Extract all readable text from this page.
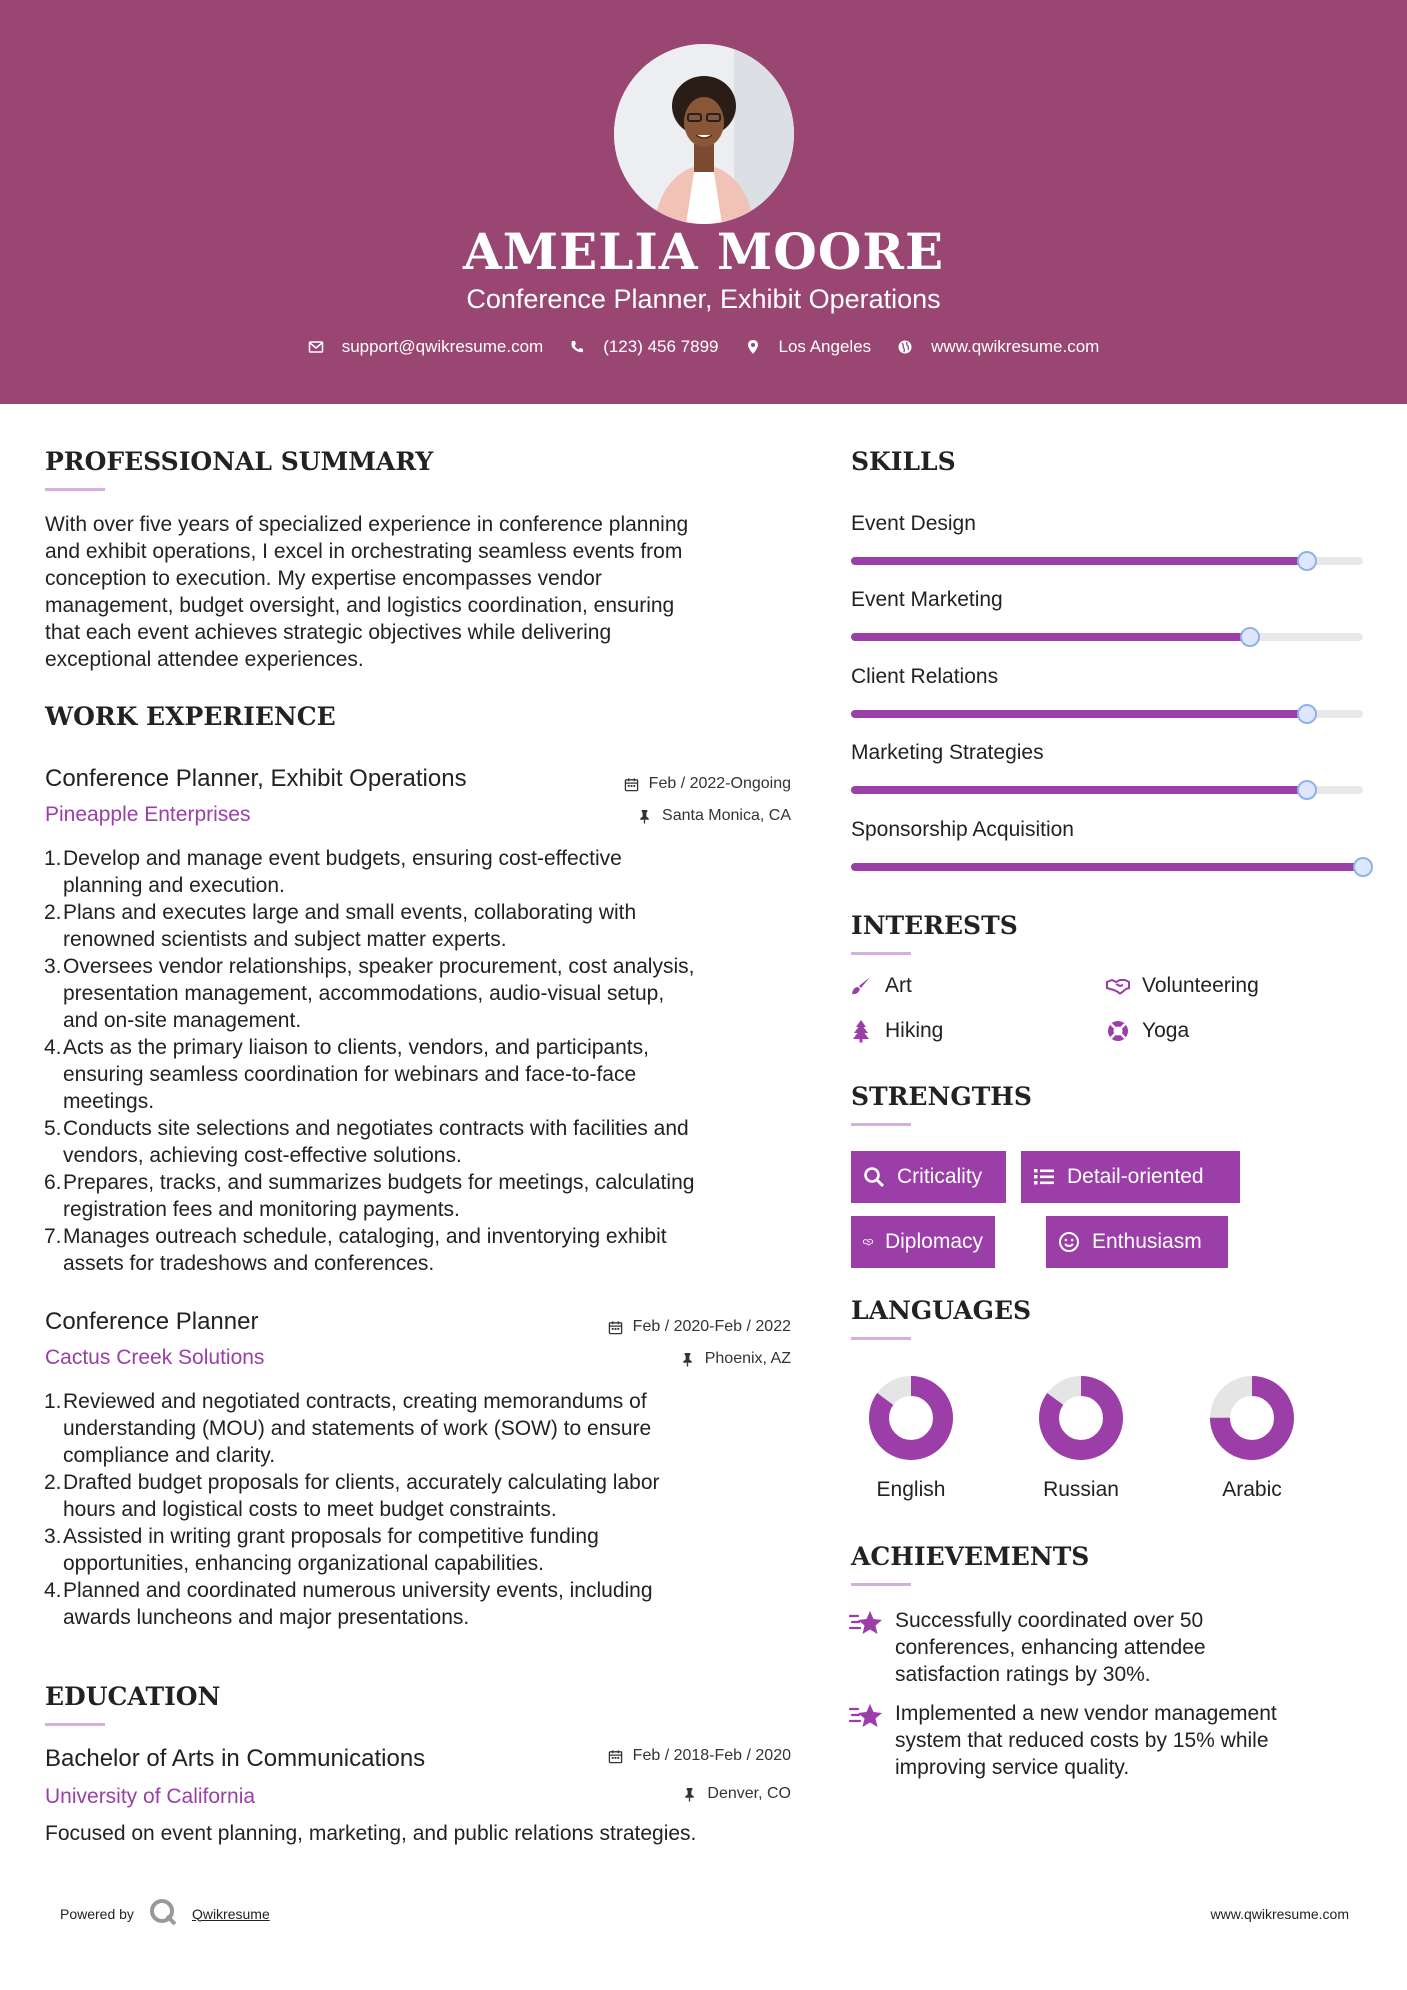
AMELIA MOORE
Conference Planner, Exhibit Operations
support@qwikresume.com	(123) 456 7899	Los Angeles	www.qwikresume.com
PROFESSIONAL SUMMARY
With over five years of specialized experience in conference planning
and exhibit operations, I excel in orchestrating seamless events from
conception to execution. My expertise encompasses vendor
management, budget oversight, and logistics coordination, ensuring
that each event achieves strategic objectives while delivering
exceptional attendee experiences.
WORK EXPERIENCE
Conference Planner, Exhibit Operations	Feb / 2022-Ongoing
Pineapple Enterprises	Santa Monica, CA
1. Develop and manage event budgets, ensuring cost-effective
planning and execution.
2. Plans and executes large and small events, collaborating with
renowned scientists and subject matter experts.
3. Oversees vendor relationships, speaker procurement, cost analysis,
presentation management, accommodations, audio-visual setup,
and on-site management.
4. Acts as the primary liaison to clients, vendors, and participants,
ensuring seamless coordination for webinars and face-to-face
meetings.
5. Conducts site selections and negotiates contracts with facilities and
vendors, achieving cost-effective solutions.
6. Prepares, tracks, and summarizes budgets for meetings, calculating
registration fees and monitoring payments.
7. Manages outreach schedule, cataloging, and inventorying exhibit
assets for tradeshows and conferences.
Conference Planner	Feb / 2020-Feb / 2022
Cactus Creek Solutions	Phoenix, AZ
1. Reviewed and negotiated contracts, creating memorandums of
understanding (MOU) and statements of work (SOW) to ensure
compliance and clarity.
2. Drafted budget proposals for clients, accurately calculating labor
hours and logistical costs to meet budget constraints.
3. Assisted in writing grant proposals for competitive funding
opportunities, enhancing organizational capabilities.
4. Planned and coordinated numerous university events, including
awards luncheons and major presentations.
EDUCATION
Bachelor of Arts in Communications	Feb / 2018-Feb / 2020
University of California	Denver, CO
Focused on event planning, marketing, and public relations strategies.
SKILLS
Event Design
Event Marketing
Client Relations
Marketing Strategies
Sponsorship Acquisition
INTERESTS
Art	Volunteering
Hiking	Yoga
STRENGTHS
Criticality	Detail-oriented
Diplomacy	Enthusiasm
LANGUAGES
English	Russian	Arabic
ACHIEVEMENTS
Successfully coordinated over 50
conferences, enhancing attendee
satisfaction ratings by 30%.
Implemented a new vendor management
system that reduced costs by 15% while
improving service quality.
Powered by	Qwikresume	www.qwikresume.com
